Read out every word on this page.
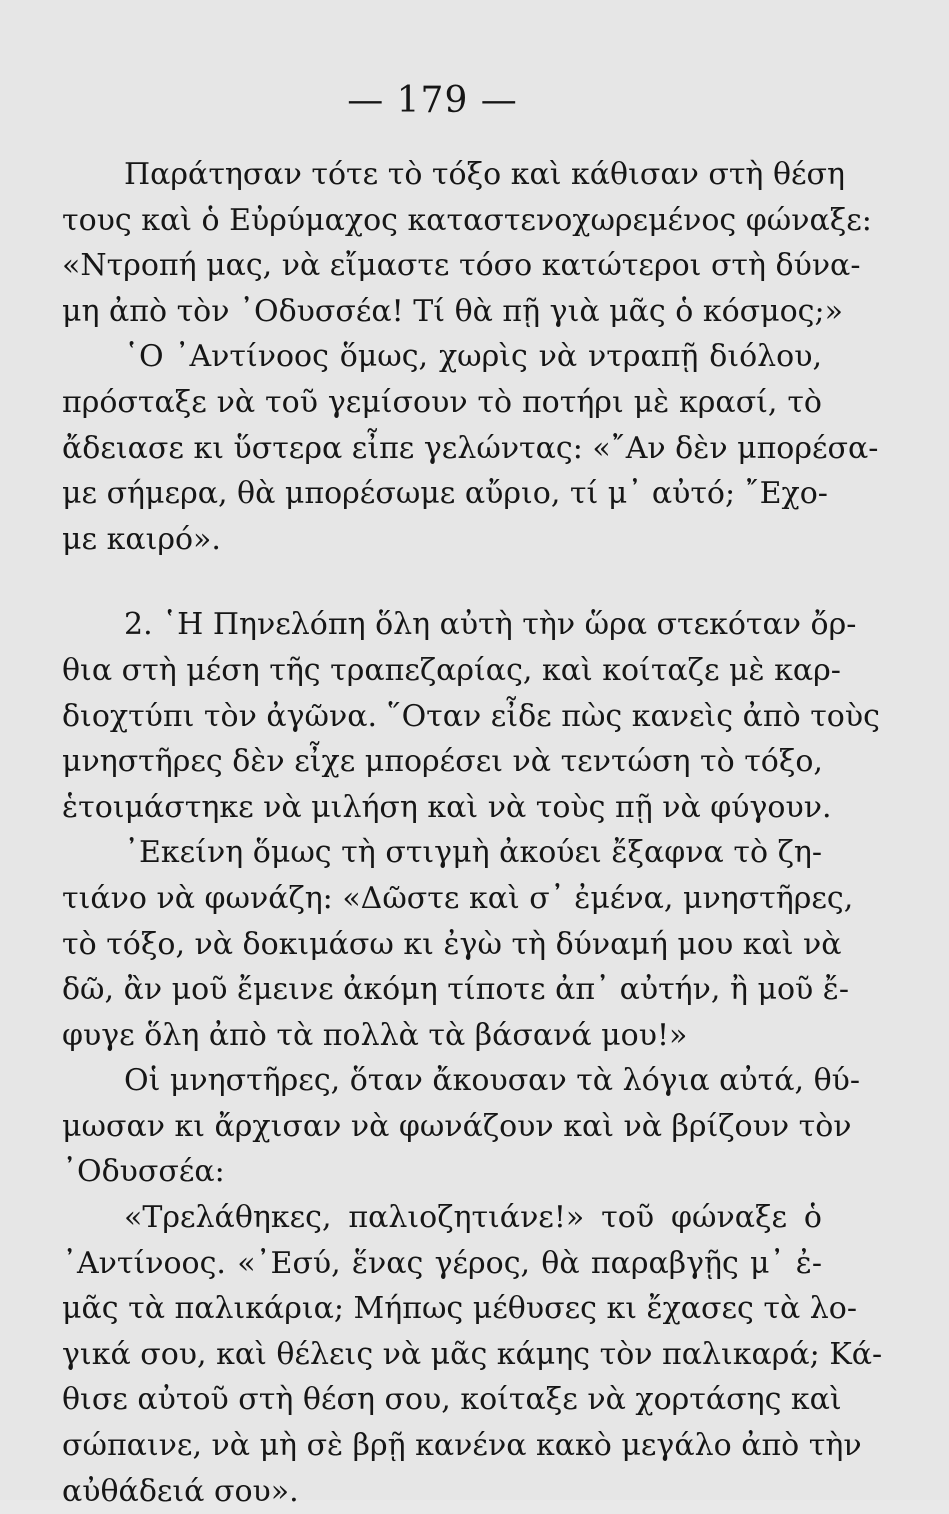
— 179 —
Παράτησαν τότε τὸ τόξο καὶ κάθισαν στὴ θέση
τους καὶ ὁ Εὐρύμαχος καταστενοχωρεμένος φώναξε:
«Ντροπή μας, νὰ εἴμαστε τόσο κατώτεροι στὴ δύνα-
μη ἀπὸ τὸν ᾿Οδυσσέα! Τί θὰ πῇ γιὰ μᾶς ὁ κόσμος;»
῾Ο ᾿Αντίνοος ὅμως, χωρὶς νὰ ντραπῇ διόλου,
πρόσταξε νὰ τοῦ γεμίσουν τὸ ποτήρι μὲ κρασί, τὸ
ἄδειασε κι ὕστερα εἶπε γελώντας: «῎Αν δὲν μπορέσα-
με σήμερα, θὰ μπορέσωμε αὔριο, τί μ᾿ αὐτό; ῎Εχο-
με καιρό».
2. ῾Η Πηνελόπη ὅλη αὐτὴ τὴν ὥρα στεκόταν ὄρ-
θια στὴ μέση τῆς τραπεζαρίας, καὶ κοίταζε μὲ καρ-
διοχτύπι τὸν ἀγῶνα. ῞Οταν εἶδε πὼς κανεὶς ἀπὸ τοὺς
μνηστῆρες δὲν εἶχε μπορέσει νὰ τεντώση τὸ τόξο,
ἑτοιμάστηκε νὰ μιλήση καὶ νὰ τοὺς πῇ νὰ φύγουν.
᾿Εκείνη ὅμως τὴ στιγμὴ ἀκούει ἔξαφνα τὸ ζη-
τιάνο νὰ φωνάζη: «Δῶστε καὶ σ᾿ ἐμένα, μνηστῆρες,
τὸ τόξο, νὰ δοκιμάσω κι ἐγὼ τὴ δύναμή μου καὶ νὰ
δῶ, ἂν μοῦ ἔμεινε ἀκόμη τίποτε ἀπ᾿ αὐτήν, ἢ μοῦ ἔ-
φυγε ὅλη ἀπὸ τὰ πολλὰ τὰ βάσανά μου!»
Οἱ μνηστῆρες, ὅταν ἄκουσαν τὰ λόγια αὐτά, θύ-
μωσαν κι ἄρχισαν νὰ φωνάζουν καὶ νὰ βρίζουν τὸν
᾿Οδυσσέα:
«Τρελάθηκες, παλιοζητιάνε!» τοῦ φώναξε ὁ
᾿Αντίνοος. «᾿Εσύ, ἕνας γέρος, θὰ παραβγῇς μ᾿ ἐ-
μᾶς τὰ παλικάρια; Μήπως μέθυσες κι ἔχασες τὰ λο-
γικά σου, καὶ θέλεις νὰ μᾶς κάμης τὸν παλικαρά; Κά-
θισε αὐτοῦ στὴ θέση σου, κοίταξε νὰ χορτάσης καὶ
σώπαινε, νὰ μὴ σὲ βρῇ κανένα κακὸ μεγάλο ἀπὸ τὴν
αὐθάδειά σου».
